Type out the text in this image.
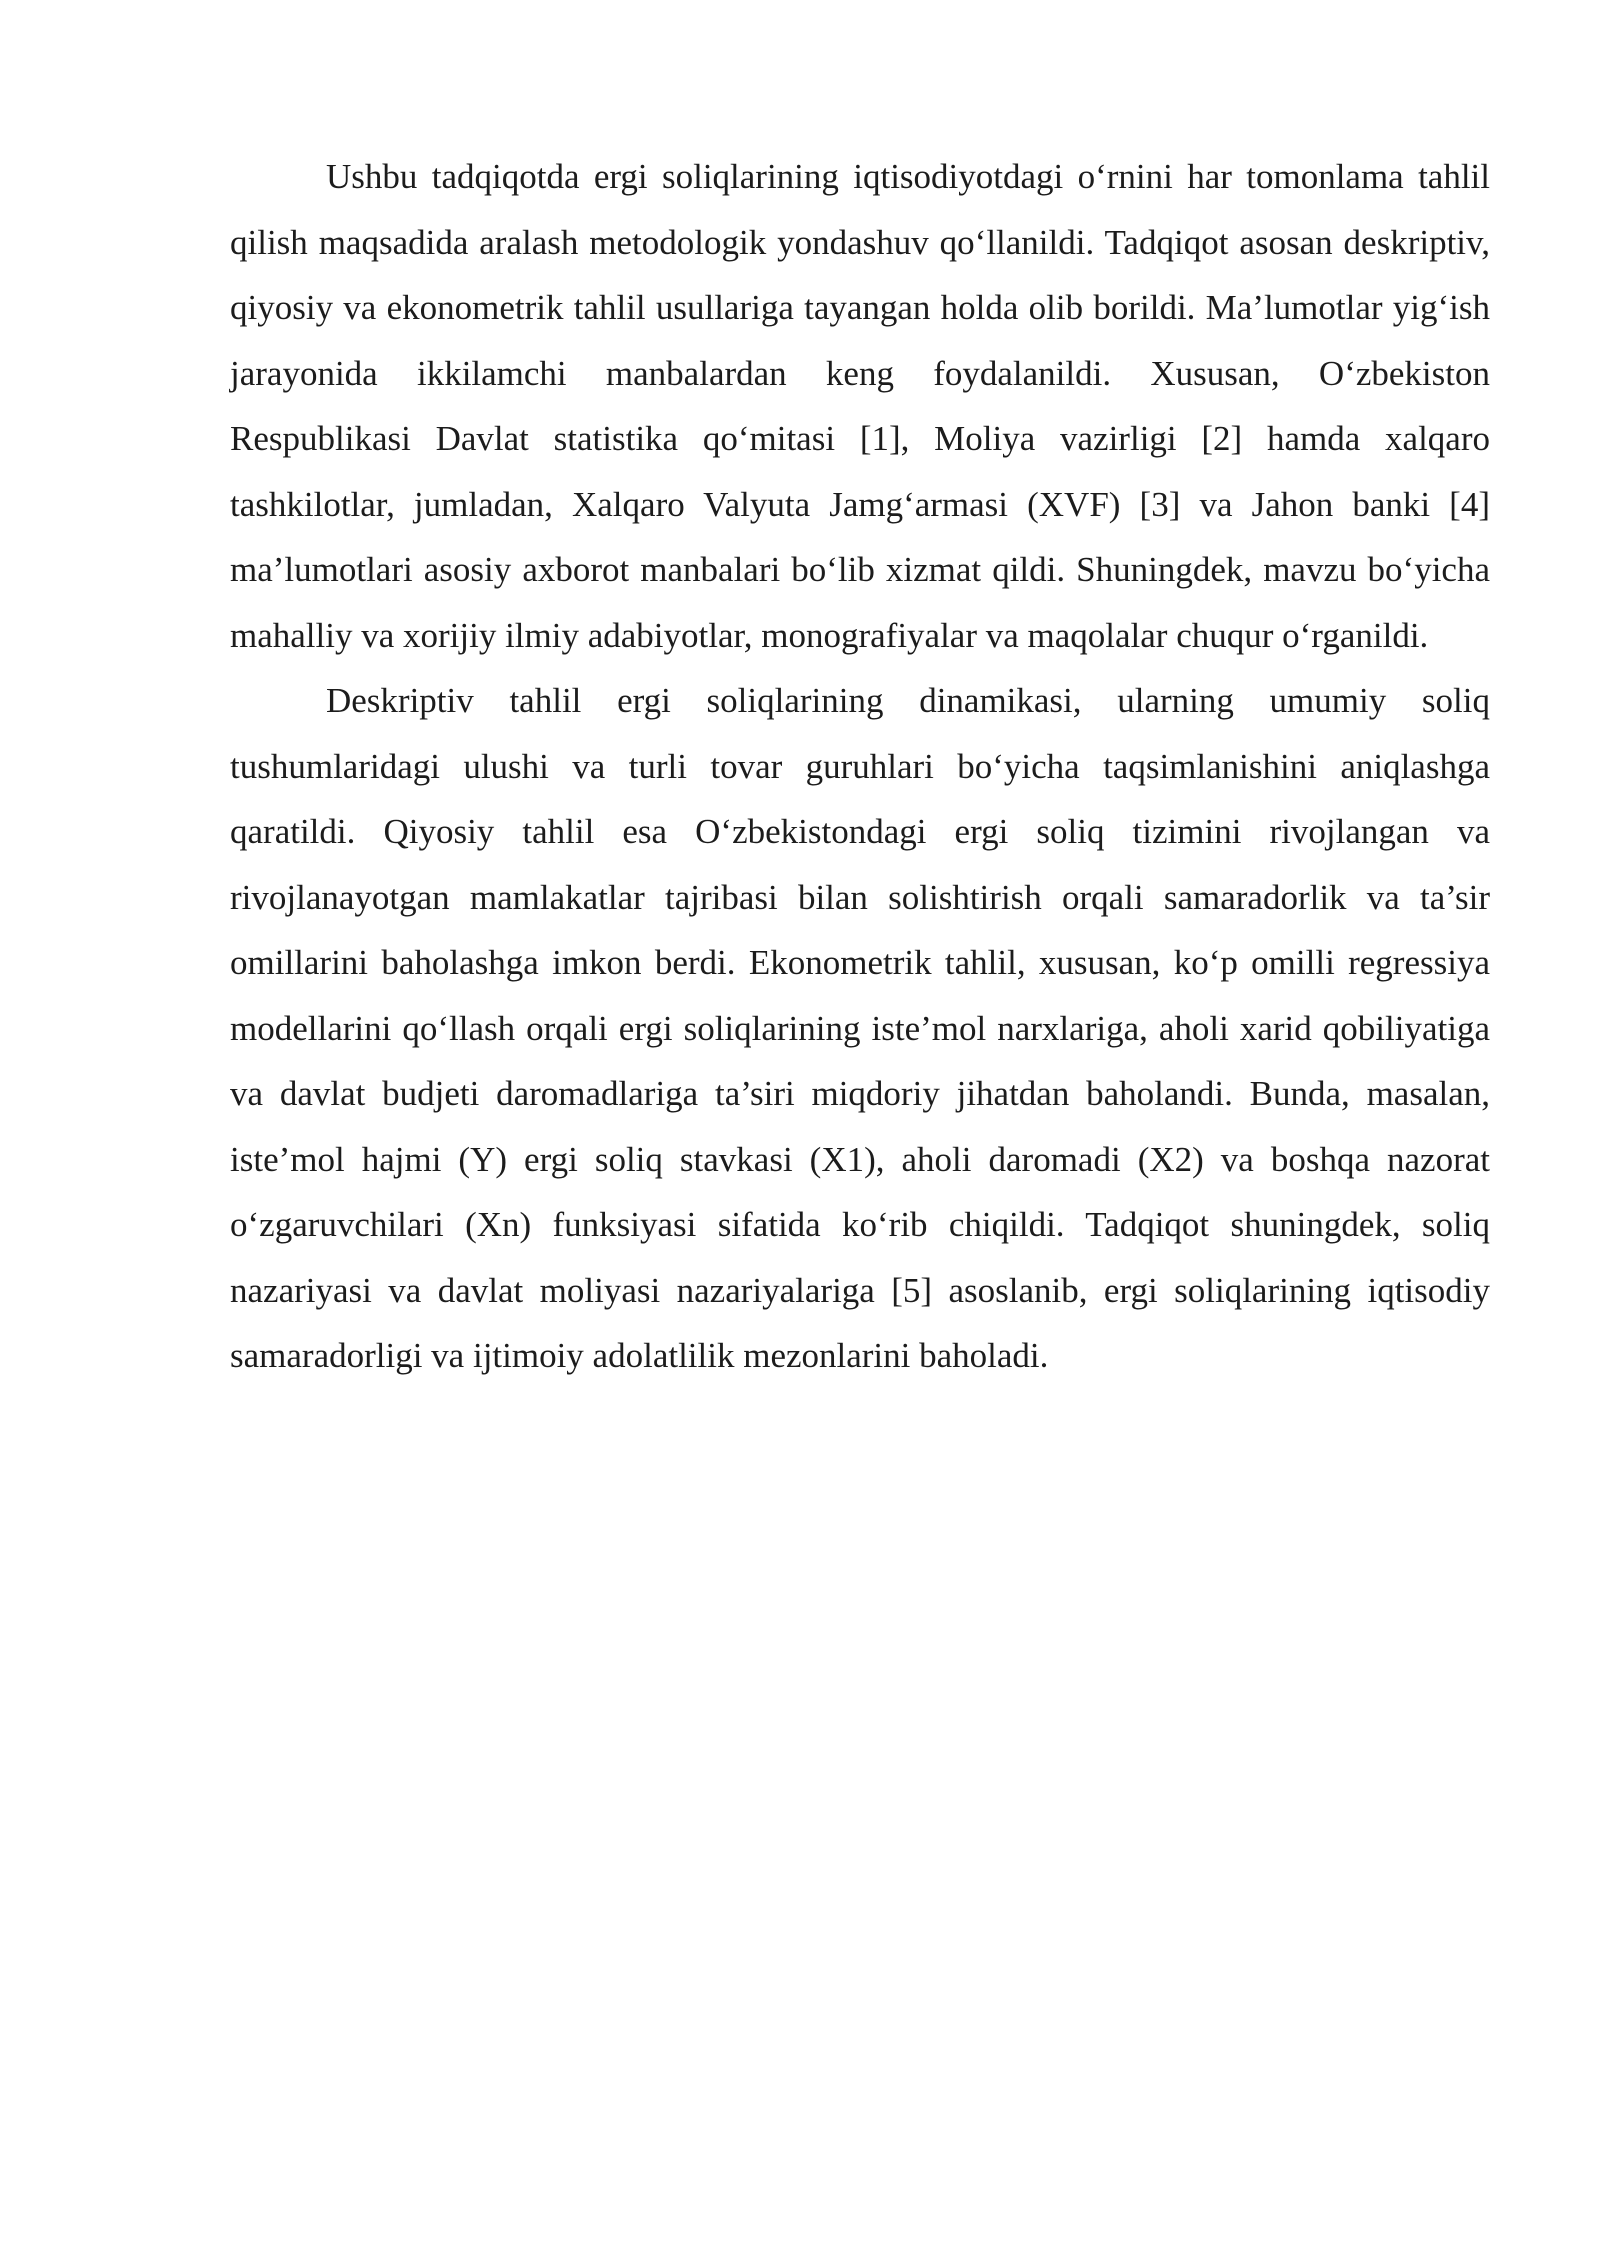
Ushbu tadqiqotda ergi soliqlarining iqtisodiyotdagi o‘rnini har tomonlama tahlil qilish maqsadida aralash metodologik yondashuv qo‘llanildi. Tadqiqot asosan deskriptiv, qiyosiy va ekonometrik tahlil usullariga tayangan holda olib borildi. Ma’lumotlar yig‘ish jarayonida ikkilamchi manbalardan keng foydalanildi. Xususan, O‘zbekiston Respublikasi Davlat statistika qo‘mitasi [1], Moliya vazirligi [2] hamda xalqaro tashkilotlar, jumladan, Xalqaro Valyuta Jamg‘armasi (XVF) [3] va Jahon banki [4] ma’lumotlari asosiy axborot manbalari bo‘lib xizmat qildi. Shuningdek, mavzu bo‘yicha mahalliy va xorijiy ilmiy adabiyotlar, monografiyalar va maqolalar chuqur o‘rganildi.

Deskriptiv tahlil ergi soliqlarining dinamikasi, ularning umumiy soliq tushumlaridagi ulushi va turli tovar guruhlari bo‘yicha taqsimlanishini aniqlashga qaratildi. Qiyosiy tahlil esa O‘zbekistondagi ergi soliq tizimini rivojlangan va rivojlanayotgan mamlakatlar tajribasi bilan solishtirish orqali samaradorlik va ta’sir omillarini baholashga imkon berdi. Ekonometrik tahlil, xususan, ko‘p omilli regressiya modellarini qo‘llash orqali ergi soliqlarining iste’mol narxlariga, aholi xarid qobiliyatiga va davlat budjeti daromadlariga ta’siri miqdoriy jihatdan baholandi. Bunda, masalan, iste’mol hajmi (Y) ergi soliq stavkasi (X1), aholi daromadi (X2) va boshqa nazorat o‘zgaruvchilari (Xn) funksiyasi sifatida ko‘rib chiqildi. Tadqiqot shuningdek, soliq nazariyasi va davlat moliyasi nazariyalariga [5] asoslanib, ergi soliqlarining iqtisodiy samaradorligi va ijtimoiy adolatlilik mezonlarini baholadi.
